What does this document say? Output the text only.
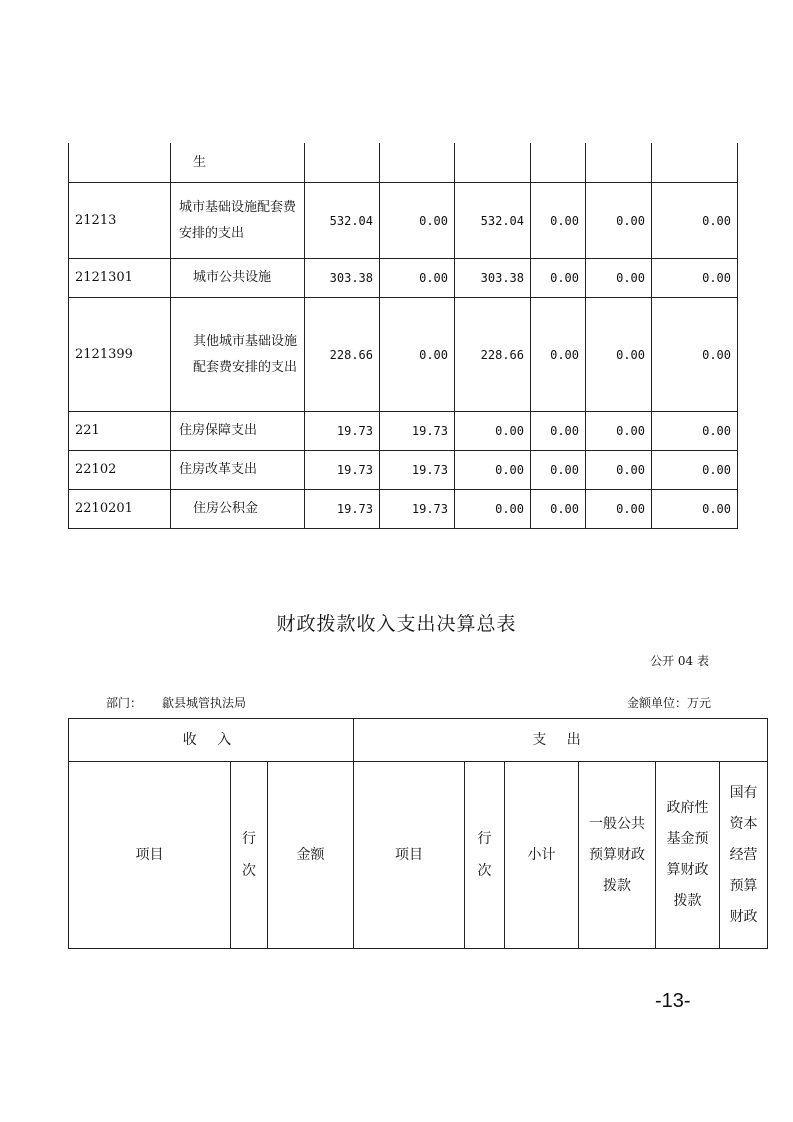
	生						
21213	城市基础设施配套费安排的支出	532.04	0.00	532.04	0.00	0.00	0.00
2121301	城市公共设施	303.38	0.00	303.38	0.00	0.00	0.00
2121399	其他城市基础设施配套费安排的支出	228.66	0.00	228.66	0.00	0.00	0.00
221	住房保障支出	19.73	19.73	0.00	0.00	0.00	0.00
22102	住房改革支出	19.73	19.73	0.00	0.00	0.00	0.00
2210201	住房公积金	19.73	19.73	0.00	0.00	0.00	0.00
财政拨款收入支出决算总表
公开 04 表
部门： 歙县城管执法局	金额单位：万元
收 入			支 出					
项目	行次	金额	项目	行次	小计	一般公共预算财政拨款	政府性基金预算财政拨款	国有资本经营预算财政
-13-
